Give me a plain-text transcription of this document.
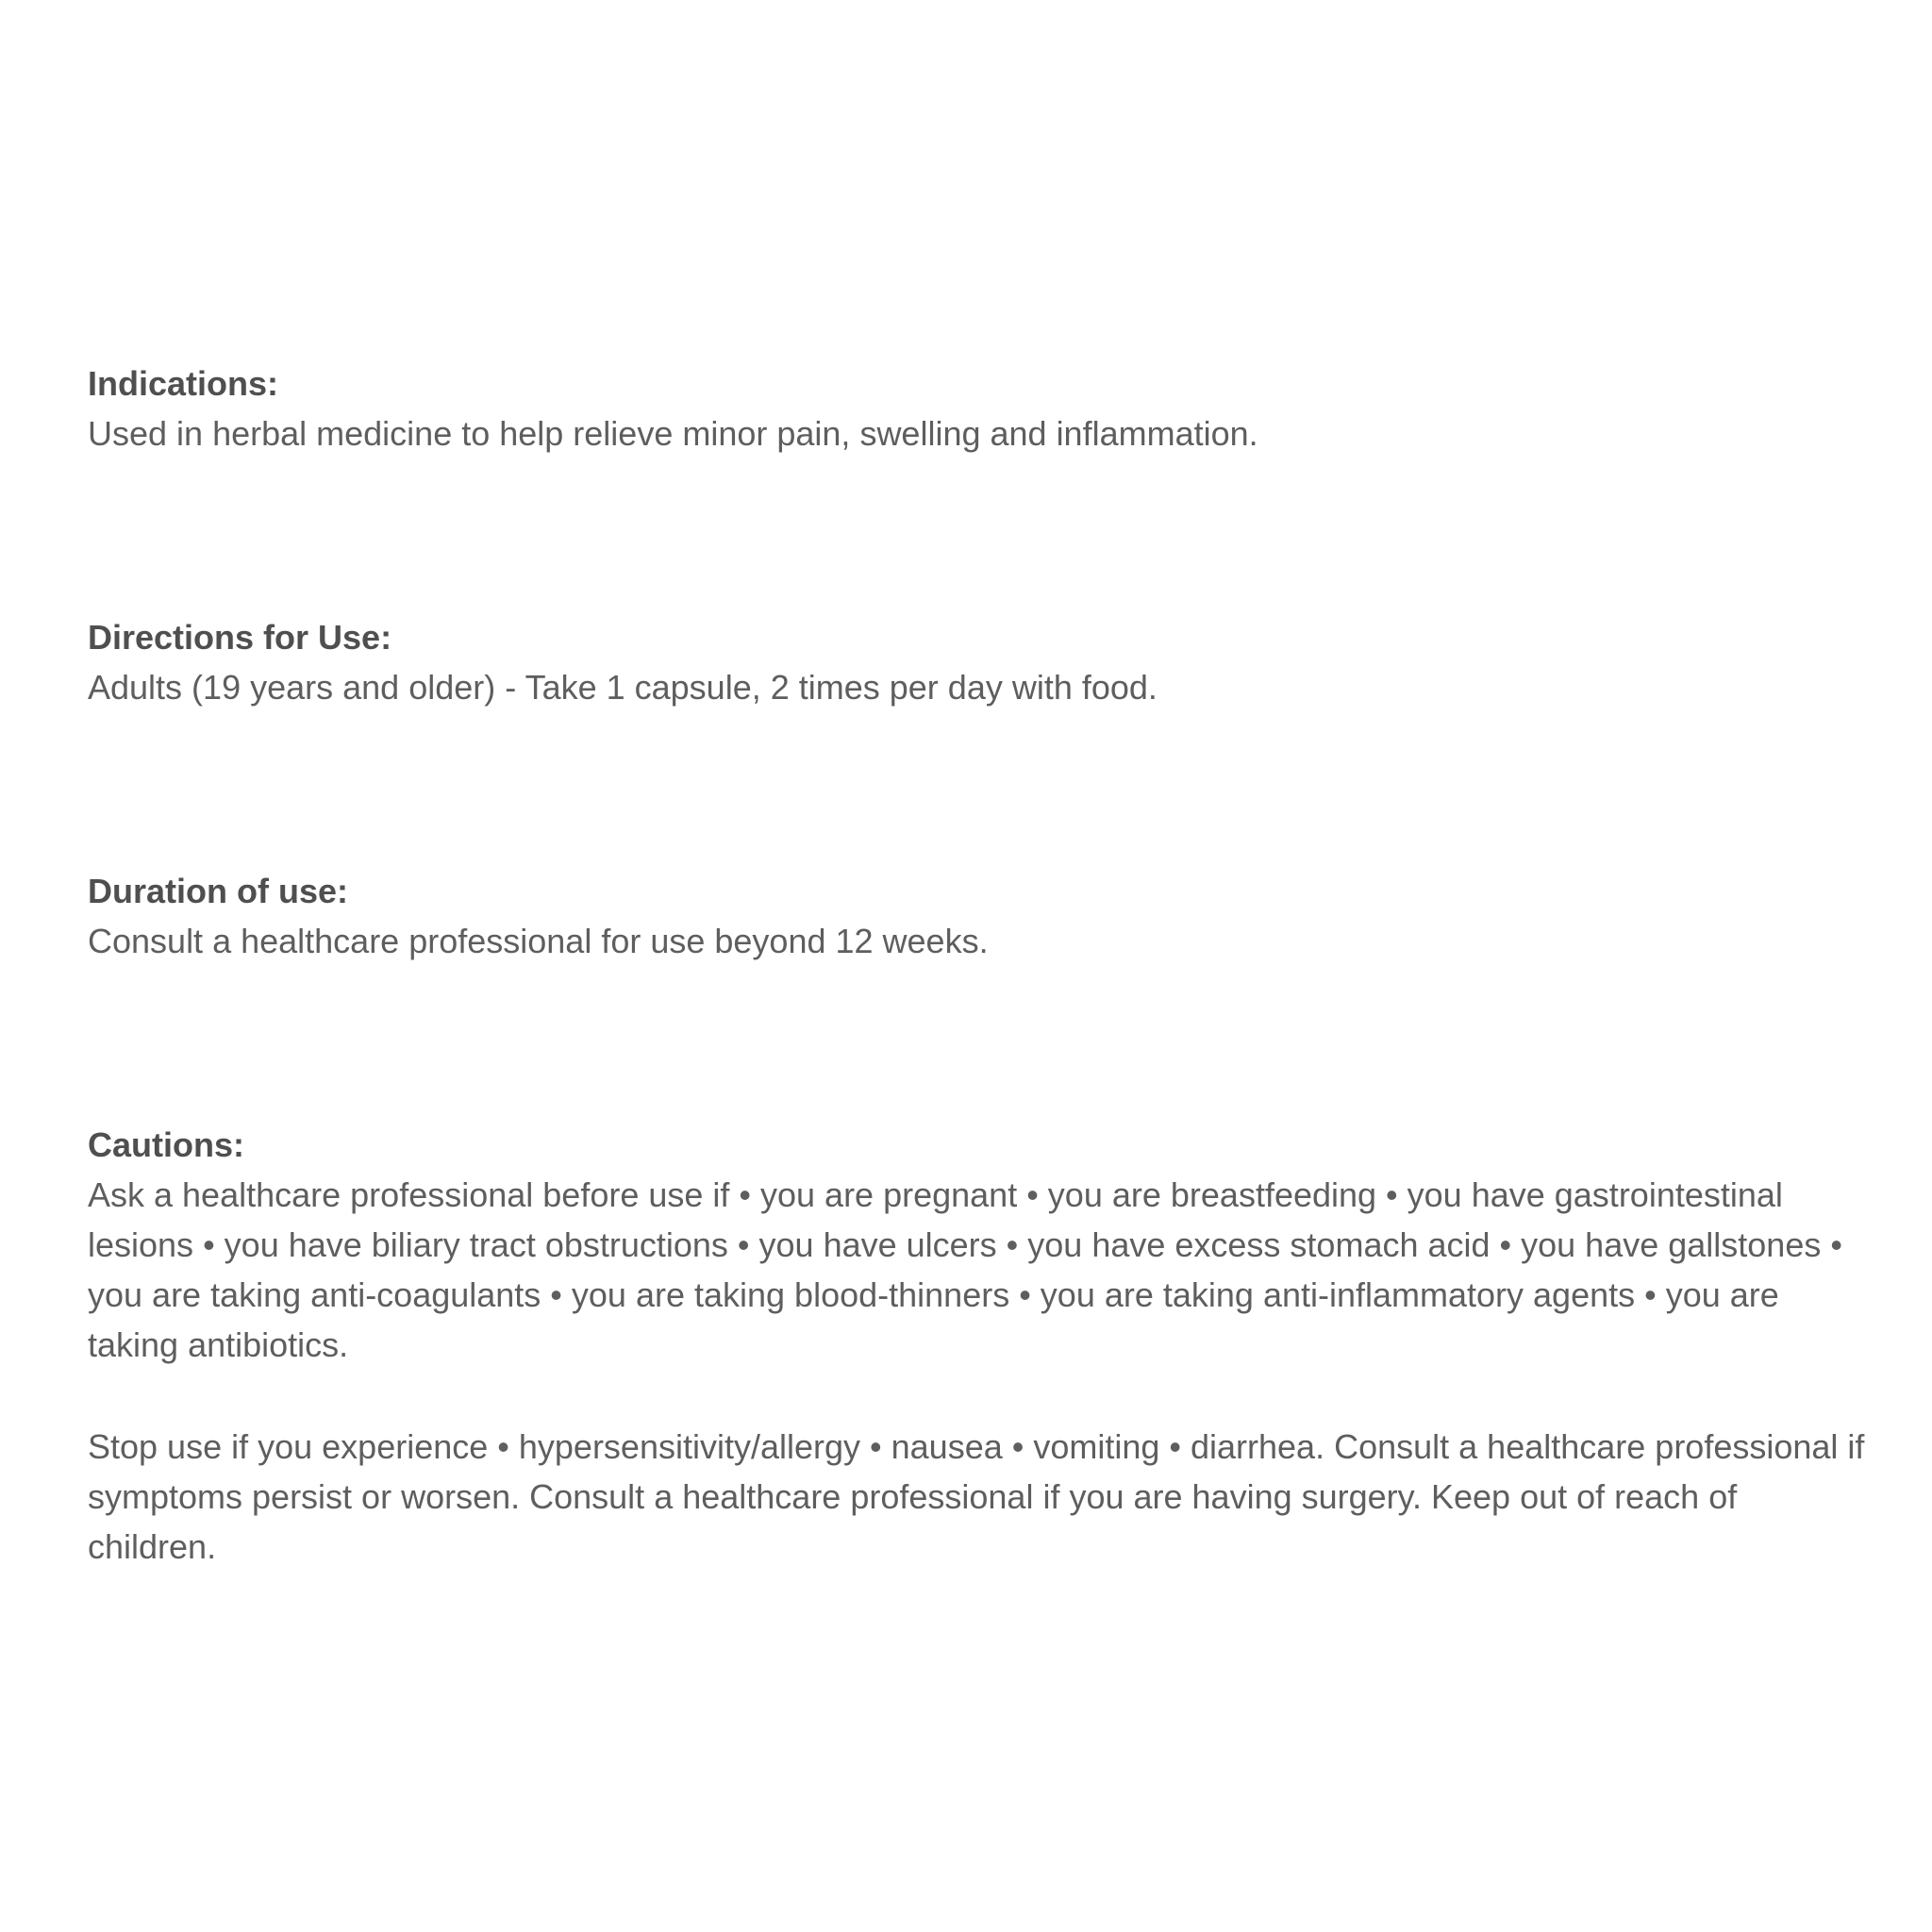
Indications:

Used in herbal medicine to help relieve minor pain, swelling and inflammation.

Directions for Use:

Adults (19 years and older) - Take 1 capsule, 2 times per day with food.

Duration of use:

Consult a healthcare professional for use beyond 12 weeks.

Cautions:

Ask a healthcare professional before use if • you are pregnant • you are breastfeeding • you have gastrointestinal lesions • you have biliary tract obstructions • you have ulcers • you have excess stomach acid • you have gallstones • you are taking anti-coagulants • you are taking blood-thinners • you are taking anti-inflammatory agents • you are taking antibiotics.

Stop use if you experience • hypersensitivity/allergy • nausea • vomiting • diarrhea. Consult a healthcare professional if symptoms persist or worsen. Consult a healthcare professional if you are having surgery. Keep out of reach of children.
